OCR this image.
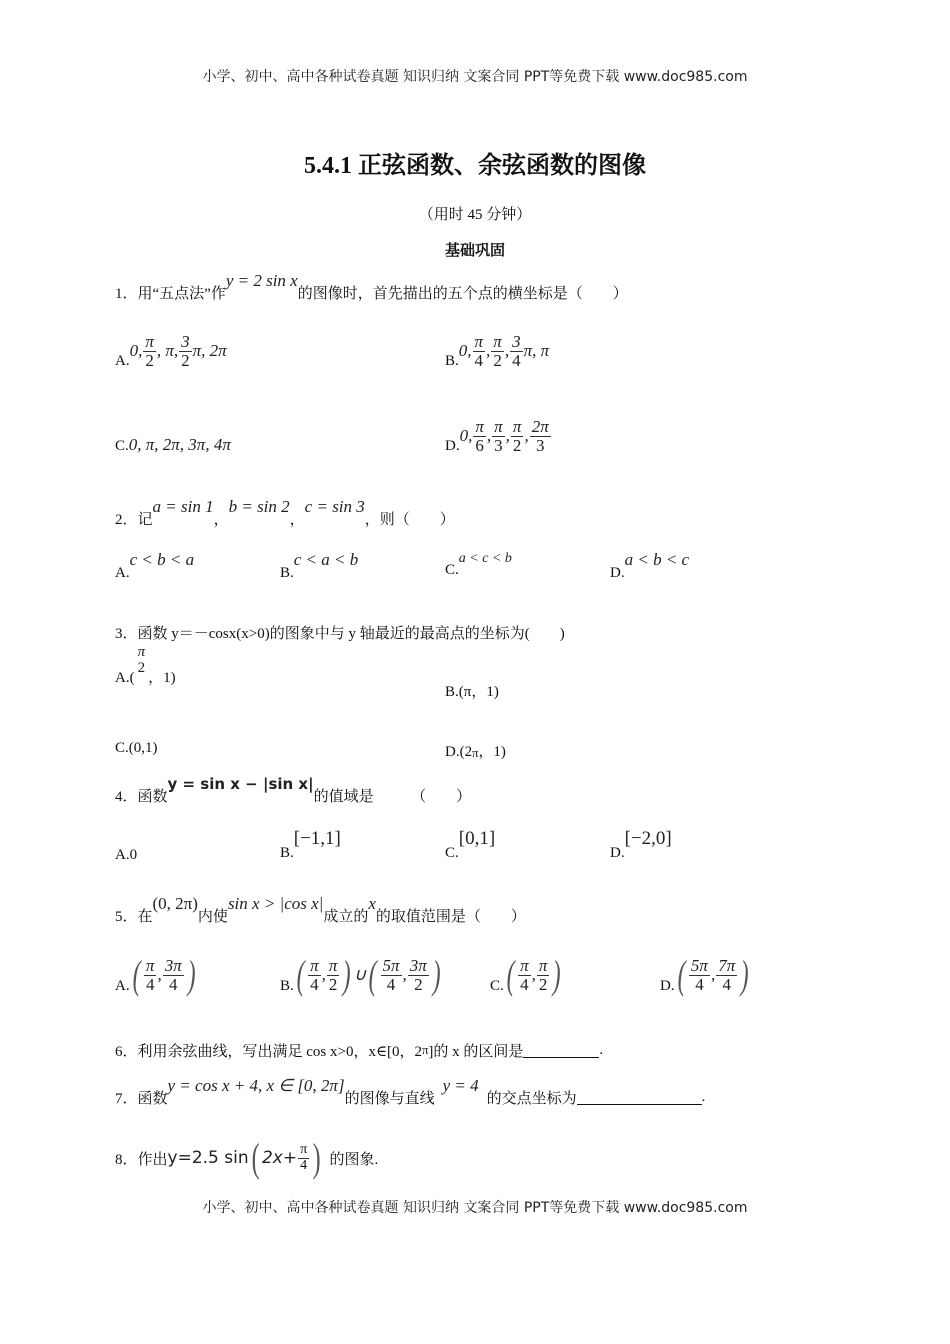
小学、初中、高中各种试卷真题 知识归纳 文案合同 PPT等免费下载 www.doc985.com
5.4.1 正弦函数、余弦函数的图像
（用时 45 分钟）
基础巩固
1．用“五点法”作
y = 2 sin x
的图像时，首先描出的五个点的横坐标是（　　）
A.
0, π
2 , π, 3
2 π, 2π
B.
0, π
4 , π
2 , 3
4 π, π
C. 0, π, 2π, 3π, 4π	D.
0, π
6 , π
3 , π
2 , 2π
3
2．记
a = sin 1
，
b = sin 2
，
c = sin 3
，则（　　）
A.
c < b < a
B.
c < a < b
C.
a < c < b
D.
a < b < c
3．函数 y＝－cosx(x>0)的图象中与 y 轴最近的最高点的坐标为(　　)
A.(
π
2
，1)
B.( π，1)
C.(0,1)	D.(2 π ，1)
4．函数
y = sin x − |sin x|
的值域是　　　（　　）
A.0	B.
[−1,1]
C.
[0,1]
D.
[−2,0]
5．在
(0, 2π)
内使
sin x > |cos x|
成立的
x
的取值范围是（　　）
A. ( π
4 , 3π
4 )	B. ( π
4 , π
2 ) ∪ ( 5π
4 , 3π
2 )	C. ( π
4 , π
2 )	D. ( 5π
4 , 7π
4 )
6．利用余弦曲线，写出满足 cos x>0，x∈[0，2 π ]的 x 的区间是	.
7．函数
y = cos x + 4, x ∈ [0, 2π]
的图像与直线
y = 4
的交点坐标为	.
8．作出 y=2.5 sin ( $2x+ \frac{\pi}{4}$ ) 的图象.
小学、初中、高中各种试卷真题 知识归纳 文案合同 PPT等免费下载 www.doc985.com
